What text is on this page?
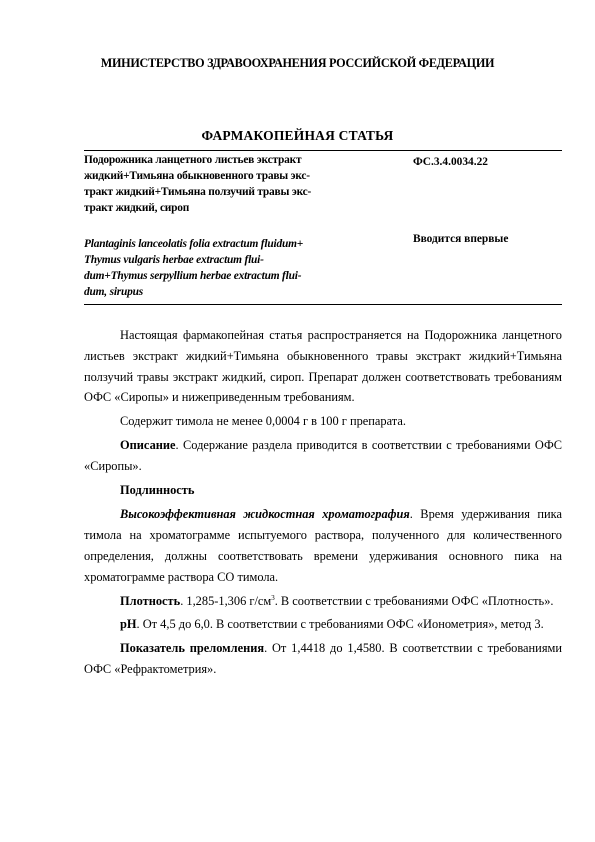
МИНИСТЕРСТВО ЗДРАВООХРАНЕНИЯ РОССИЙСКОЙ ФЕДЕРАЦИИ
ФАРМАКОПЕЙНАЯ СТАТЬЯ
Подорожника ланцетного листьев экстракт
жидкий+Тимьяна обыкновенного травы экс-
тракт жидкий+Тимьяна ползучий травы экс-
тракт жидкий, сироп
ФС.3.4.0034.22
Plantaginis lanceolatis folia extractum fluidum+
Thymus vulgaris herbae extractum flui-
dum+Thymus serpyllium herbae extractum flui-
dum, sirupus
Вводится впервые

Настоящая фармакопейная статья распространяется на Подорожника ланцетного листьев экстракт жидкий+Тимьяна обыкновенного травы экстракт жидкий+Тимьяна ползучий травы экстракт жидкий, сироп. Препарат должен соответствовать требованиям ОФС «Сиропы» и нижеприведенным требованиям.

Содержит тимола не менее 0,0004 г в 100 г препарата.

Описание. Содержание раздела приводится в соответствии с требованиями ОФС «Сиропы».

Подлинность

Высокоэффективная жидкостная хроматография. Время удерживания пика тимола на хроматограмме испытуемого раствора, полученного для количественного определения, должны соответствовать времени удерживания основного пика на хроматограмме раствора СО тимола.

Плотность. 1,285-1,306 $г/см^3$. В соответствии с требованиями ОФС «Плотность».

pH. От 4,5 до 6,0. В соответствии с требованиями ОФС «Ионометрия», метод 3.

Показатель преломления. От 1,4418 до 1,4580. В соответствии с требованиями ОФС «Рефрактометрия».
